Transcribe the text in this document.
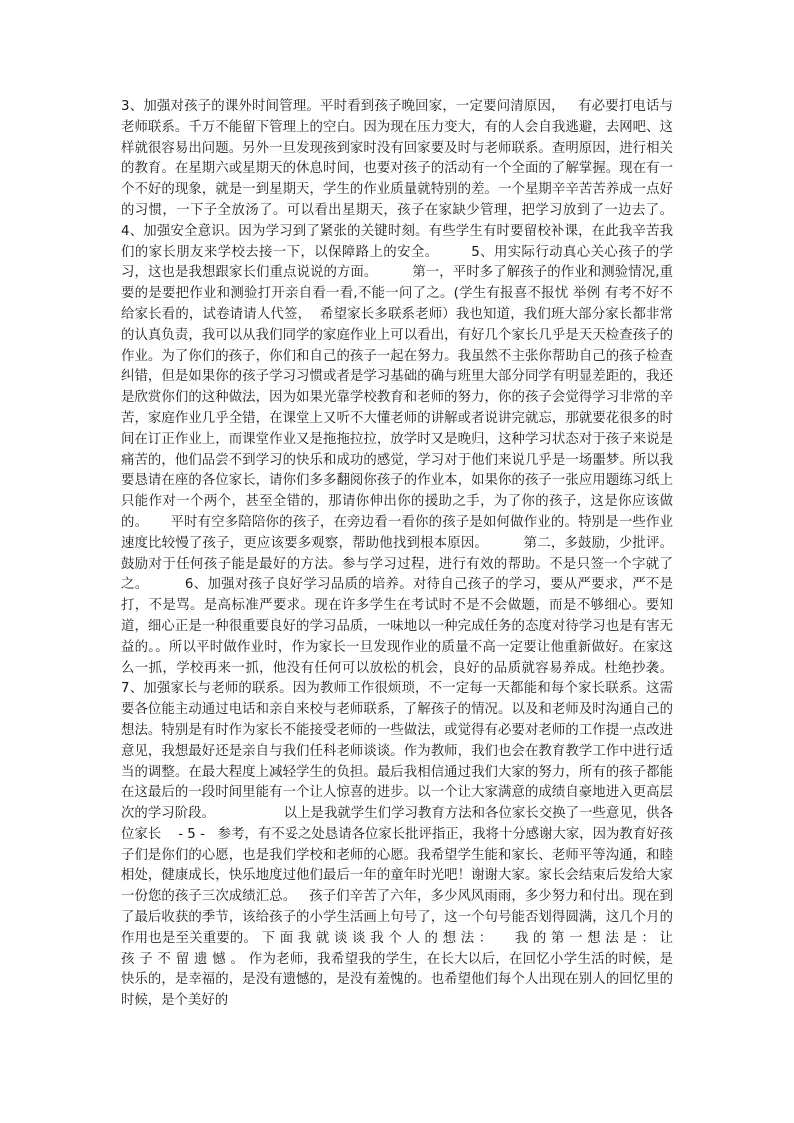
3、加强对孩子的课外时间管理。平时看到孩子晚回家，一定要问清原因，   有必要打电话与老师联系。千万不能留下管理上的空白。因为现在压力变大，有的人会自我逃避，去网吧、这样就很容易出问题。另外一旦发现孩到家时没有回家要及时与老师联系。查明原因，进行相关的教育。在星期六或星期天的休息时间，也要对孩子的活动有一个全面的了解掌握。现在有一个不好的现象，就是一到星期天，学生的作业质量就特别的差。一个星期辛辛苦苦养成一点好的习惯，一下子全放汤了。可以看出星期天，孩子在家缺少管理，把学习放到了一边去了。        4、加强安全意识。因为学习到了紧张的关键时刻。有些学生有时要留校补课，在此我辛苦我们的家长朋友来学校去接一下，以保障路上的安全。       5、用实际行动真心关心孩子的学习，这也是我想跟家长们重点说说的方面。        第一，平时多了解孩子的作业和测验情况,重要的是要把作业和测验打开亲自看一看,不能一问了之。(学生有报喜不报忧 举例 有考不好不给家长看的，试卷请请人代签，  希望家长多联系老师）我也知道，我们班大部分家长都非常的认真负责，我可以从我们同学的家庭作业上可以看出，有好几个家长几乎是天天检查孩子的作业。为了你们的孩子，你们和自己的孩子一起在努力。我虽然不主张你帮助自己的孩子检查纠错，但是如果你的孩子学习习惯或者是学习基础的确与班里大部分同学有明显差距的，我还是欣赏你们的这种做法，因为如果光靠学校教育和老师的努力，你的孩子会觉得学习非常的辛苦，家庭作业几乎全错，在课堂上又听不大懂老师的讲解或者说讲完就忘，那就要花很多的时间在订正作业上，而课堂作业又是拖拖拉拉，放学时又是晚归，这种学习状态对于孩子来说是痛苦的，他们品尝不到学习的快乐和成功的感觉，学习对于他们来说几乎是一场噩梦。所以我要恳请在座的各位家长，请你们多多翻阅你孩子的作业本，如果你的孩子一张应用题练习纸上只能作对一个两个，甚至全错的，那请你伸出你的援助之手，为了你的孩子，这是你应该做的。     平时有空多陪陪你的孩子，在旁边看一看你的孩子是如何做作业的。特别是一些作业速度比较慢了孩子，更应该要多观察，帮助他找到根本原因。        第二，多鼓励，少批评。鼓励对于任何孩子能是最好的方法。参与学习过程，进行有效的帮助。不是只签一个字就了之。        6、加强对孩子良好学习品质的培养。对待自己孩子的学习，要从严要求，严不是打，不是骂。是高标准严要求。现在许多学生在考试时不是不会做题，而是不够细心。要知道，细心正是一种很重要良好的学习品质，一味地以一种完成任务的态度对待学习也是有害无益的。。所以平时做作业时，作为家长一旦发现作业的质量不高一定要让他重新做好。在家这么一抓，学校再来一抓，他没有任何可以放松的机会，良好的品质就容易养成。杜绝抄袭。        7、加强家长与老师的联系。因为教师工作很烦琐，不一定每一天都能和每个家长联系。这需要各位能主动通过电话和亲自来校与老师联系，了解孩子的情况。以及和老师及时沟通自己的想法。特别是有时作为家长不能接受老师的一些做法，或觉得有必要对老师的工作提一点改进意见，我想最好还是亲自与我们任科老师谈谈。作为教师，我们也会在教育教学工作中进行适当的调整。在最大程度上减轻学生的负担。最后我相信通过我们大家的努力，所有的孩子都能在这最后的一段时间里能有一个让人惊喜的进步。以一个让大家满意的成绩自豪地进入更高层次的学习阶段。                以上是我就学生们学习教育方法和各位家长交换了一些意见，供各位家长    - 5 -   参考，有不妥之处恳请各位家长批评指正，我将十分感谢大家，因为教育好孩子们是你们的心愿，也是我们学校和老师的心愿。我希望学生能和家长、老师平等沟通，和睦相处，健康成长，快乐地度过他们最后一年的童年时光吧！谢谢大家。家长会结束后发给大家一份您的孩子三次成绩汇总。   孩子们辛苦了六年，多少风风雨雨，多少努力和付出。现在到了最后收获的季节，该给孩子的小学生活画上句号了，这一个句号能否划得圆满，这几个月的作用也是至关重要的。 下 面 我 就 谈 谈 我 个 人 的 想 法 ：     我 的 第 一 想 法 是 ： 让 孩 子 不 留 遗 憾 。 作为老师，我希望我的学生，在长大以后，在回忆小学生活的时候，是快乐的，是幸福的，是没有遗憾的，是没有羞愧的。也希望他们每个人出现在别人的回忆里的时候，是个美好的
